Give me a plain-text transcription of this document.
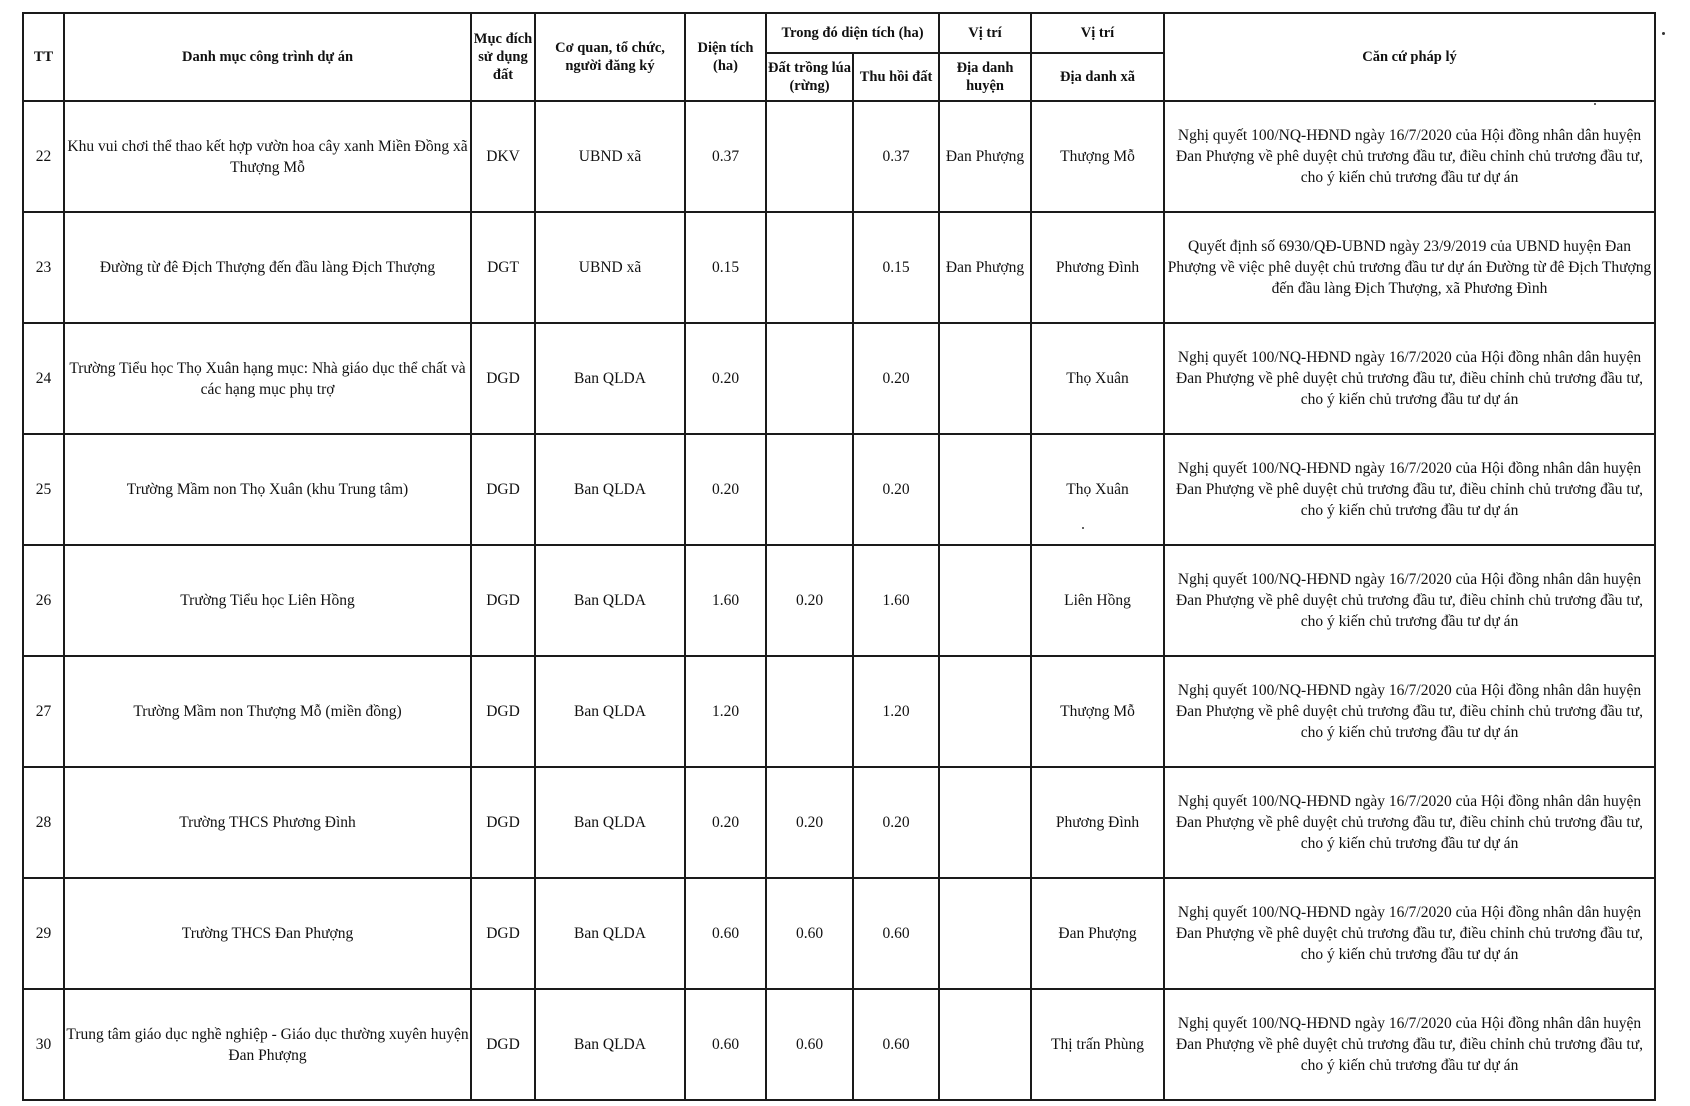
TT	Danh mục công trình dự án	Mục đích sử dụng đất	Cơ quan, tổ chức, người đăng ký	Diện tích (ha)	Trong đó diện tích (ha)		Vị trí	Vị trí	Căn cứ pháp lý
					Đất trồng lúa (rừng)	Thu hồi đất	Địa danh huyện	Địa danh xã	
22	Khu vui chơi thể thao kết hợp vườn hoa cây xanh Miền Đồng xã Thượng Mỗ	DKV	UBND xã	0.37		0.37	Đan Phượng	Thượng Mỗ	Nghị quyết 100/NQ-HĐND ngày 16/7/2020 của Hội đồng nhân dân huyện Đan Phượng về phê duyệt chủ trương đầu tư, điều chỉnh chủ trương đầu tư, cho ý kiến chủ trương đầu tư dự án
23	Đường từ đê Địch Thượng đến đầu làng Địch Thượng	DGT	UBND xã	0.15		0.15	Đan Phượng	Phương Đình	Quyết định số 6930/QĐ-UBND ngày 23/9/2019 của UBND huyện Đan Phượng về việc phê duyệt chủ trương đầu tư dự án Đường từ đê Địch Thượng đến đầu làng Địch Thượng, xã Phương Đình
24	Trường Tiểu học Thọ Xuân hạng mục: Nhà giáo dục thể chất và các hạng mục phụ trợ	DGD	Ban QLDA	0.20		0.20		Thọ Xuân	Nghị quyết 100/NQ-HĐND ngày 16/7/2020 của Hội đồng nhân dân huyện Đan Phượng về phê duyệt chủ trương đầu tư, điều chỉnh chủ trương đầu tư, cho ý kiến chủ trương đầu tư dự án
25	Trường Mầm non Thọ Xuân (khu Trung tâm)	DGD	Ban QLDA	0.20		0.20		Thọ Xuân	Nghị quyết 100/NQ-HĐND ngày 16/7/2020 của Hội đồng nhân dân huyện Đan Phượng về phê duyệt chủ trương đầu tư, điều chỉnh chủ trương đầu tư, cho ý kiến chủ trương đầu tư dự án
26	Trường Tiểu học Liên Hồng	DGD	Ban QLDA	1.60	0.20	1.60		Liên Hồng	Nghị quyết 100/NQ-HĐND ngày 16/7/2020 của Hội đồng nhân dân huyện Đan Phượng về phê duyệt chủ trương đầu tư, điều chỉnh chủ trương đầu tư, cho ý kiến chủ trương đầu tư dự án
27	Trường Mầm non Thượng Mỗ (miền đồng)	DGD	Ban QLDA	1.20		1.20		Thượng Mỗ	Nghị quyết 100/NQ-HĐND ngày 16/7/2020 của Hội đồng nhân dân huyện Đan Phượng về phê duyệt chủ trương đầu tư, điều chỉnh chủ trương đầu tư, cho ý kiến chủ trương đầu tư dự án
28	Trường THCS Phương Đình	DGD	Ban QLDA	0.20	0.20	0.20		Phương Đình	Nghị quyết 100/NQ-HĐND ngày 16/7/2020 của Hội đồng nhân dân huyện Đan Phượng về phê duyệt chủ trương đầu tư, điều chỉnh chủ trương đầu tư, cho ý kiến chủ trương đầu tư dự án
29	Trường THCS Đan Phượng	DGD	Ban QLDA	0.60	0.60	0.60		Đan Phượng	Nghị quyết 100/NQ-HĐND ngày 16/7/2020 của Hội đồng nhân dân huyện Đan Phượng về phê duyệt chủ trương đầu tư, điều chỉnh chủ trương đầu tư, cho ý kiến chủ trương đầu tư dự án
30	Trung tâm giáo dục nghề nghiệp - Giáo dục thường xuyên huyện Đan Phượng	DGD	Ban QLDA	0.60	0.60	0.60		Thị trấn Phùng	Nghị quyết 100/NQ-HĐND ngày 16/7/2020 của Hội đồng nhân dân huyện Đan Phượng về phê duyệt chủ trương đầu tư, điều chỉnh chủ trương đầu tư, cho ý kiến chủ trương đầu tư dự án
